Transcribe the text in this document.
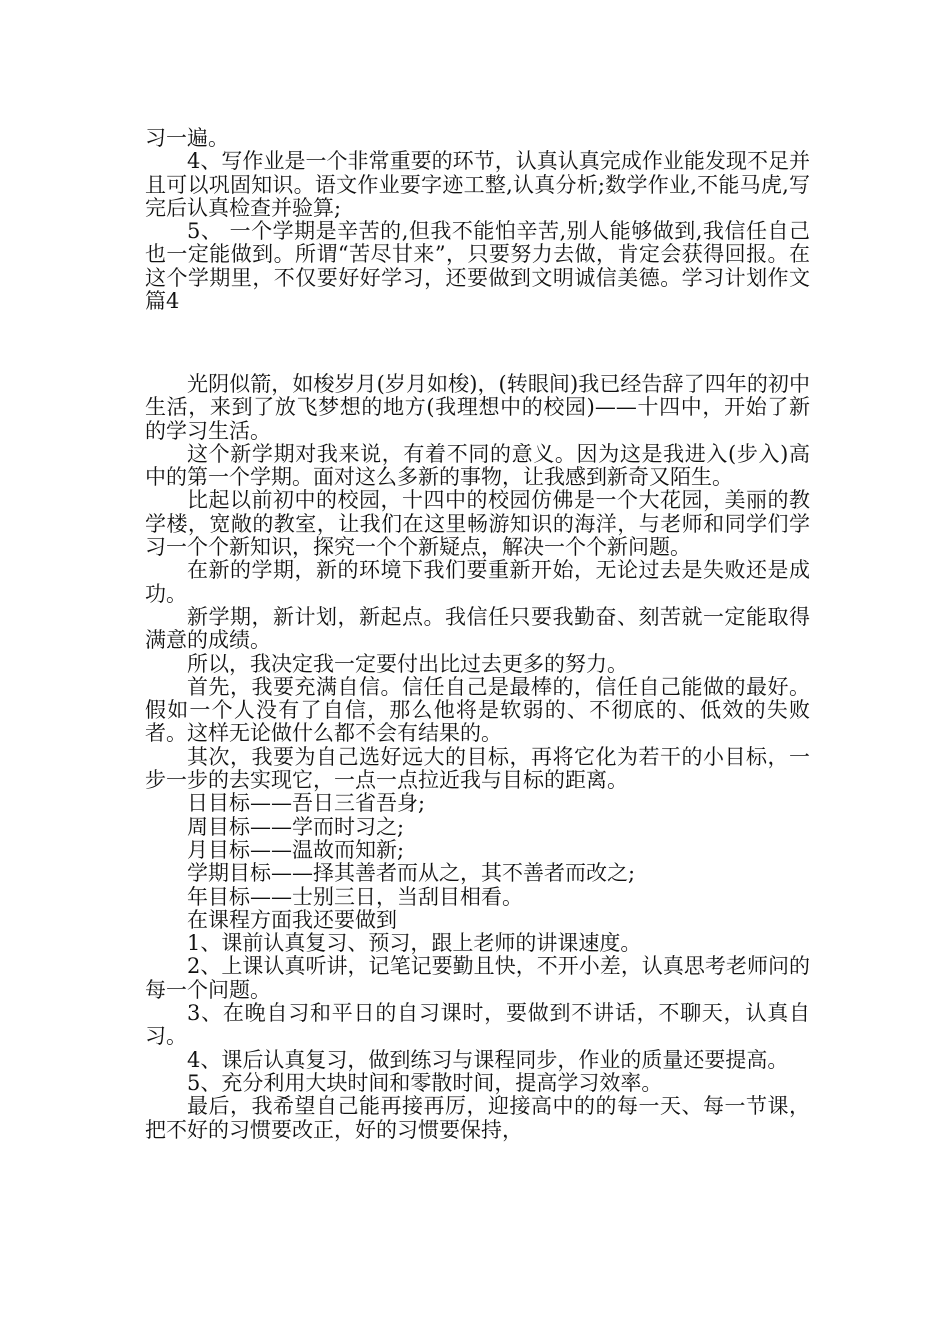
习一遍。

4、写作业是一个非常重要的环节，认真认真完成作业能发现不足并且可以巩固知识。语文作业要字迹工整,认真分析;数学作业,不能马虎,写完后认真检查并验算;

5、 一个学期是辛苦的,但我不能怕辛苦,别人能够做到,我信任自己也一定能做到。所谓“苦尽甘来”，只要努力去做，肯定会获得回报。在这个学期里，不仅要好好学习，还要做到文明诚信美德。学习计划作文 篇4

光阴似箭，如梭岁月(岁月如梭)，(转眼间)我已经告辞了四年的初中生活，来到了放飞梦想的地方(我理想中的校园)——十四中，开始了新的学习生活。

这个新学期对我来说，有着不同的意义。因为这是我进入(步入)高中的第一个学期。面对这么多新的事物，让我感到新奇又陌生。

比起以前初中的校园，十四中的校园仿佛是一个大花园，美丽的教学楼，宽敞的教室，让我们在这里畅游知识的海洋，与老师和同学们学习一个个新知识，探究一个个新疑点，解决一个个新问题。

在新的学期，新的环境下我们要重新开始，无论过去是失败还是成功。

新学期，新计划，新起点。我信任只要我勤奋、刻苦就一定能取得满意的成绩。

所以，我决定我一定要付出比过去更多的努力。

首先，我要充满自信。信任自己是最棒的，信任自己能做的最好。假如一个人没有了自信，那么他将是软弱的、不彻底的、低效的失败者。这样无论做什么都不会有结果的。

其次，我要为自己选好远大的目标，再将它化为若干的小目标，一步一步的去实现它，一点一点拉近我与目标的距离。

日目标——吾日三省吾身;

周目标——学而时习之;

月目标——温故而知新;

学期目标——择其善者而从之，其不善者而改之;

年目标——士别三日，当刮目相看。

在课程方面我还要做到

1、课前认真复习、预习，跟上老师的讲课速度。

2、上课认真听讲，记笔记要勤且快，不开小差，认真思考老师问的每一个问题。

3、在晚自习和平日的自习课时，要做到不讲话，不聊天，认真自习。

4、课后认真复习，做到练习与课程同步，作业的质量还要提高。

5、充分利用大块时间和零散时间，提高学习效率。

最后，我希望自己能再接再厉，迎接高中的的每一天、每一节课，把不好的习惯要改正，好的习惯要保持，
